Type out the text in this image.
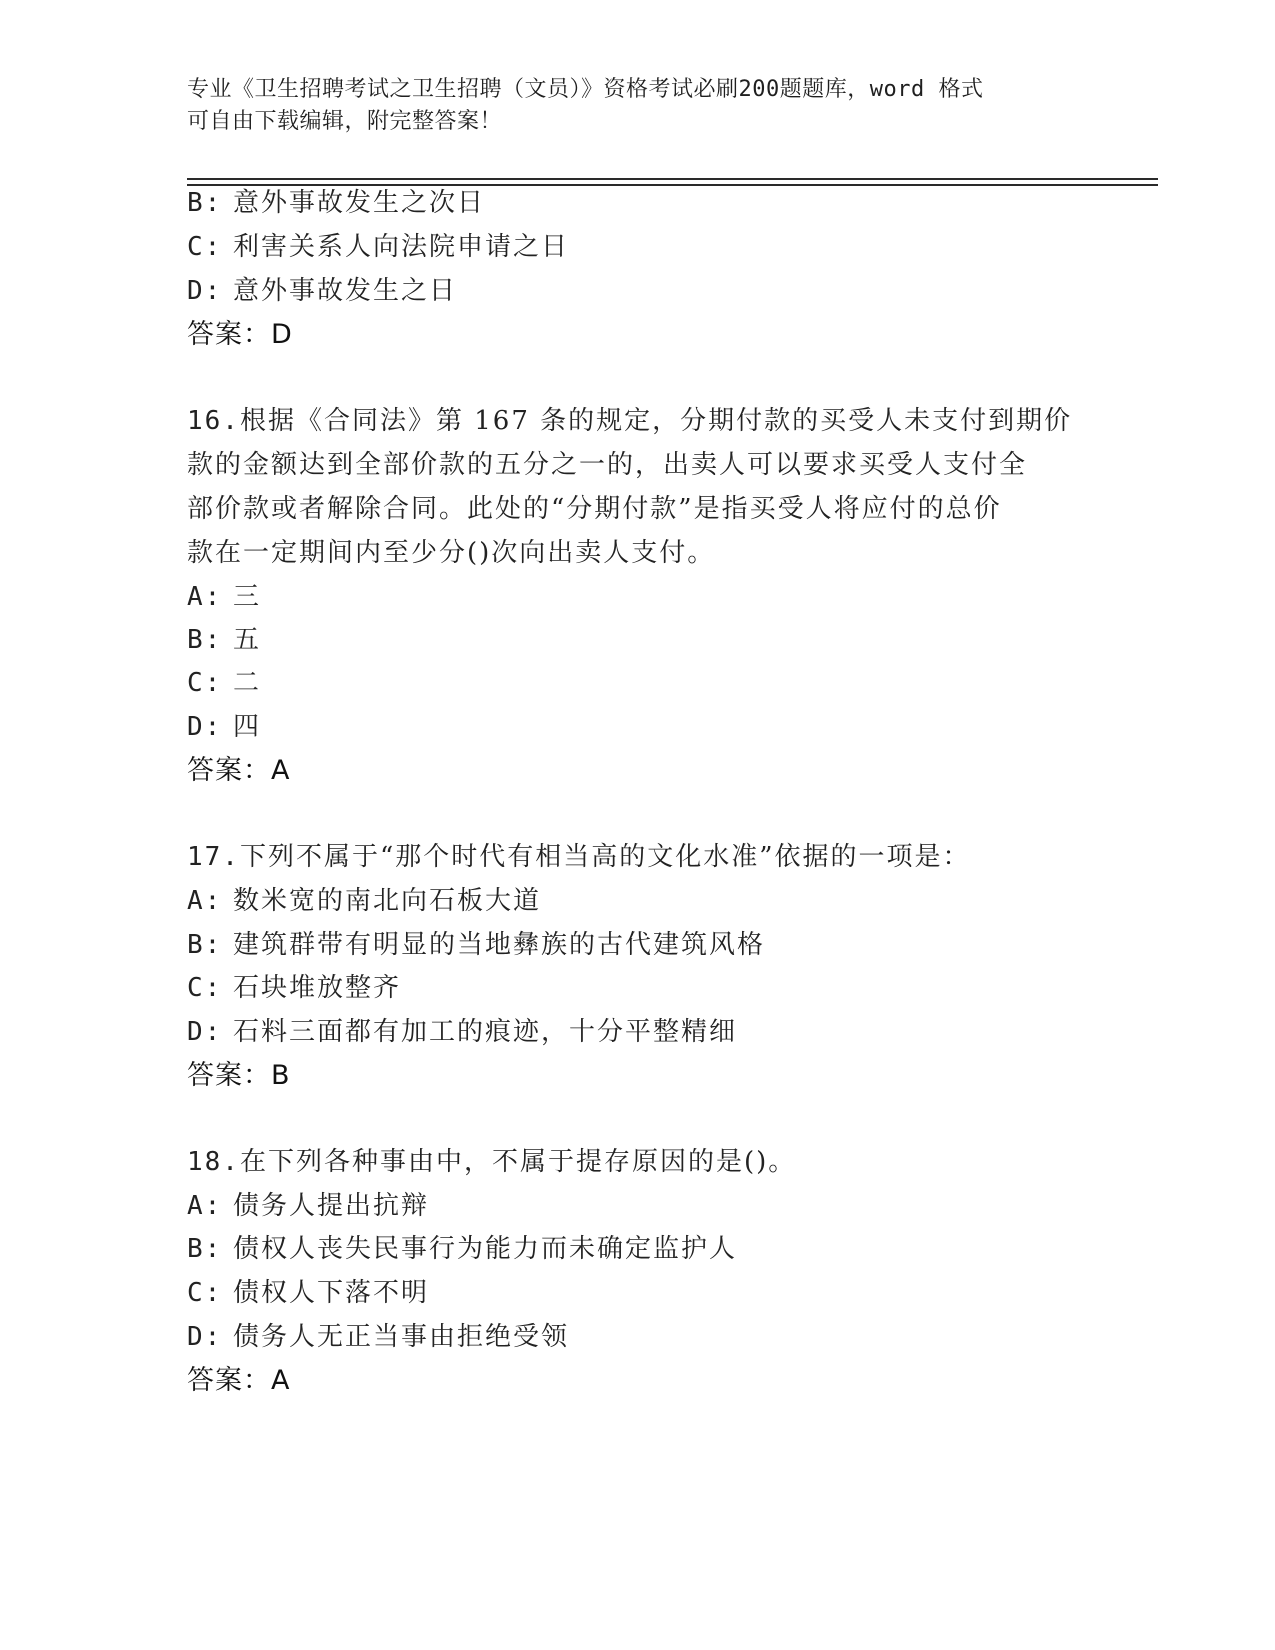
专业《卫生招聘考试之卫生招聘（文员）》资格考试必刷200题题库，word 格式
可自由下载编辑，附完整答案！
B: 意外事故发生之次日
C: 利害关系人向法院申请之日
D: 意外事故发生之日
答案：D
16.根据《合同法》第 167 条的规定，分期付款的买受人未支付到期价
款的金额达到全部价款的五分之一的，出卖人可以要求买受人支付全
部价款或者解除合同。此处的“分期付款”是指买受人将应付的总价
款在一定期间内至少分()次向出卖人支付。
A: 三
B: 五
C: 二
D: 四
答案：A
17.下列不属于“那个时代有相当高的文化水准”依据的一项是：
A: 数米宽的南北向石板大道
B: 建筑群带有明显的当地彝族的古代建筑风格
C: 石块堆放整齐
D: 石料三面都有加工的痕迹，十分平整精细
答案：B
18.在下列各种事由中，不属于提存原因的是()。
A: 债务人提出抗辩
B: 债权人丧失民事行为能力而未确定监护人
C: 债权人下落不明
D: 债务人无正当事由拒绝受领
答案：A
